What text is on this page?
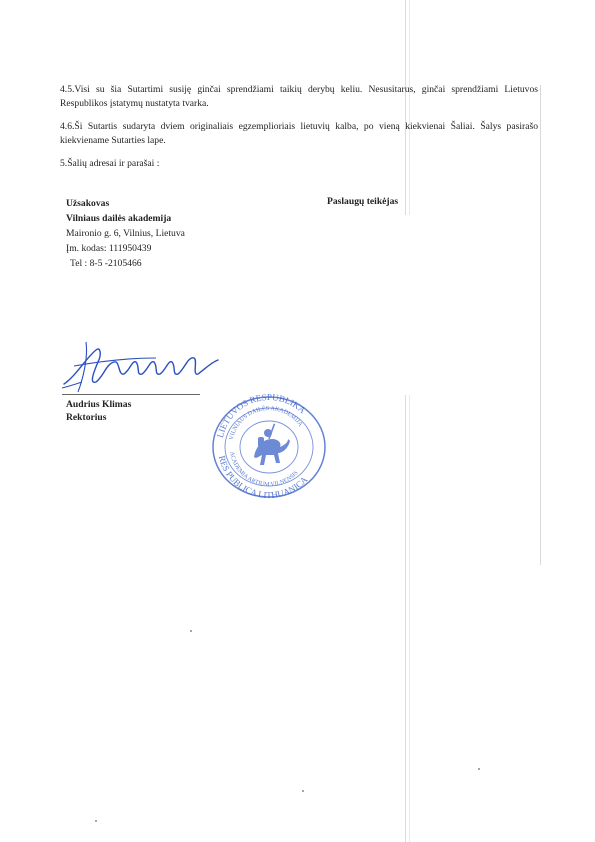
4.5.Visi su šia Sutartimi susiję ginčai sprendžiami taikių derybų keliu. Nesusitarus, ginčai sprendžiami Lietuvos Respublikos įstatymų nustatyta tvarka.
4.6.Ši Sutartis sudaryta dviem originaliais egzemplioriais lietuvių kalba, po vieną kiekvienai Šaliai. Šalys pasirašo kiekviename Sutarties lape.
5.Šalių adresai ir parašai :
Užsakovas
Vilniaus dailės akademija
Maironio g. 6, Vilnius, Lietuva
Įm. kodas: 111950439
Tel : 8-5 -2105466
Paslaugų teikėjas
Audrius Klimas
Rektorius
LIETUVOS RESPUBLIKA
VILNIAUS DAILĖS AKADEMIJA
RES PUBLICA LITHUANICA
ACADEMIA ARTIUM VILNENSIS
